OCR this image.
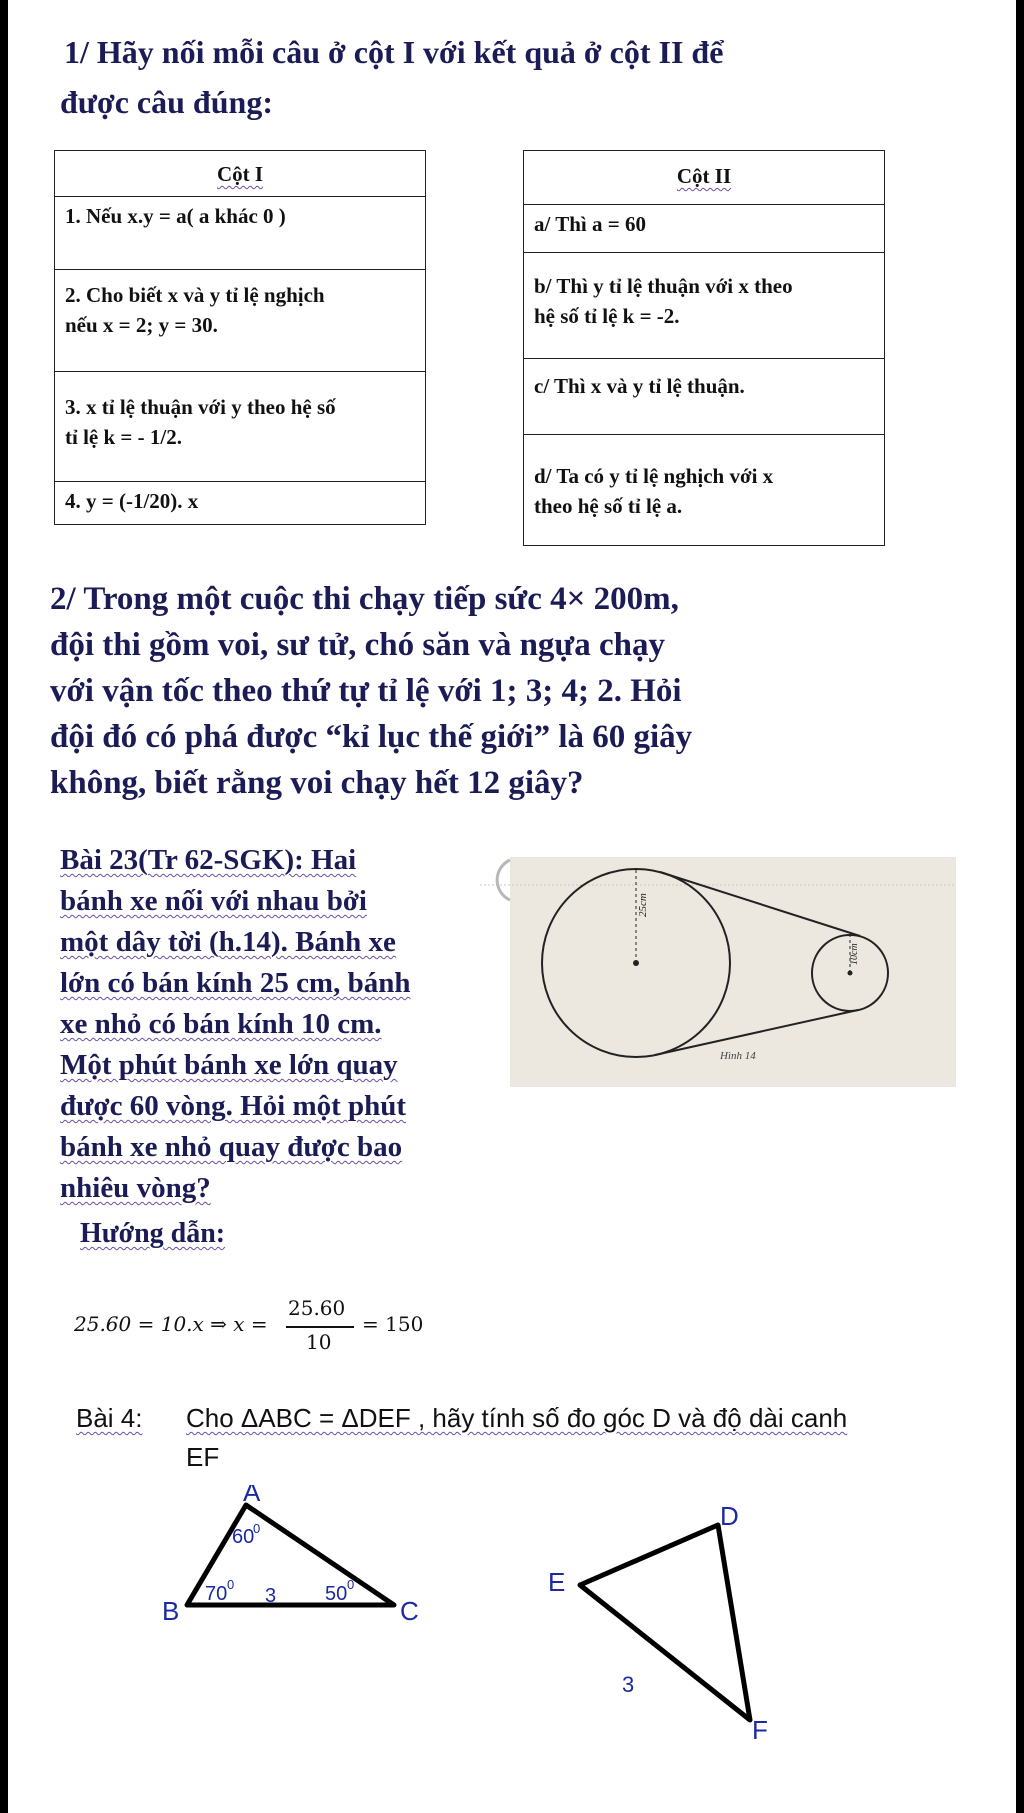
1/ Hãy nối mỗi câu ở cột I với kết quả ở cột II để
được câu đúng:
Cột I
1. Nếu x.y = a( a khác 0 )
2. Cho biết x và y tỉ lệ nghịch
nếu x = 2; y = 30.
3. x tỉ lệ thuận với y theo hệ số
tỉ lệ k = - 1/2.
4. y = (-1/20). x
Cột II
a/ Thì a = 60
b/ Thì y tỉ lệ thuận với x theo
hệ số tỉ lệ k = -2.
c/ Thì x và y tỉ lệ thuận.
d/ Ta có y tỉ lệ nghịch với x
theo hệ số tỉ lệ a.
2/ Trong một cuộc thi chạy tiếp sức 4× 200m,
đội thi gồm voi, sư tử, chó săn và ngựa chạy
với vận tốc theo thứ tự tỉ lệ với 1; 3; 4; 2. Hỏi
đội đó có phá được “kỉ lục thế giới” là 60 giây
không, biết rằng voi chạy hết 12 giây?
Bài 23(Tr 62-SGK): Hai
bánh xe nối với nhau bởi
một dây tời (h.14). Bánh xe
lớn có bán kính 25 cm, bánh
xe nhỏ có bán kính 10 cm.
Một phút bánh xe lớn quay
được 60 vòng. Hỏi một phút
bánh xe nhỏ quay được bao
nhiêu vòng?
25cm
10cm
Hình 14
Hướng dẫn:
25.60 = 10.x ⇒ x =
25.60
10
= 150
Bài 4: Cho ΔABC = ΔDEF , hãy tính số đo góc D và độ dài canh
EF
A
B	C
60
0
70 0
3 50 0
D
E
F
3
